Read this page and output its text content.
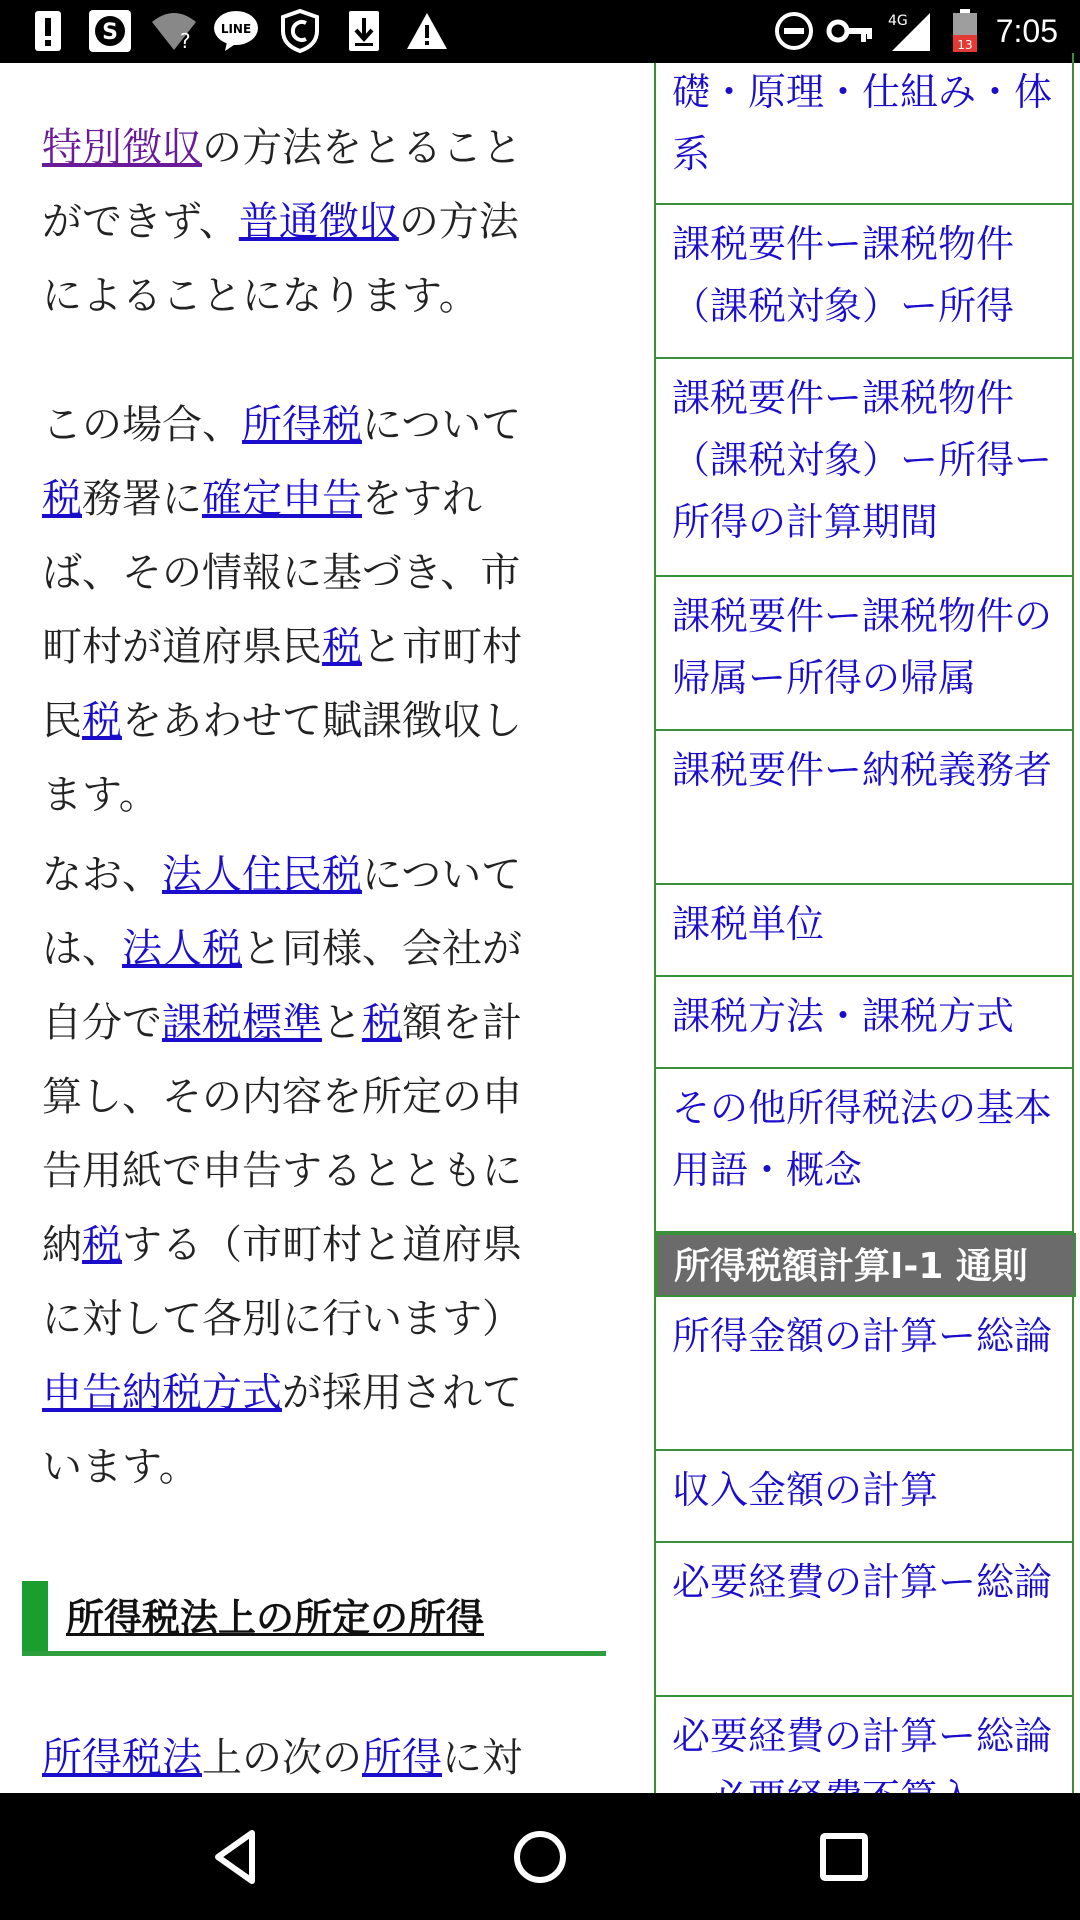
S	?	LINE	4G
13 7:05
特別徴収の方法をとることができず、普通徴収の方法によることになります。
この場合、所得税について税務署に確定申告をすれば、その情報に基づき、市町村が道府県民税と市町村民税をあわせて賦課徴収します。
なお、法人住民税については、法人税と同様、会社が自分で課税標準と税額を計算し、その内容を所定の申告用紙で申告するとともに納税する（市町村と道府県に対して各別に行います）申告納税方式が採用されています。
所得税法上の所定の所得
所得税法上の次の所得に対

礎・原理・仕組み・体系
課税要件ー課税物件（課税対象）ー所得
課税要件ー課税物件（課税対象）ー所得ー所得の計算期間
課税要件ー課税物件の帰属ー所得の帰属
課税要件ー納税義務者
課税単位
課税方法・課税方式
その他所得税法の基本用語・概念
所得税額計算I-1 通則
所得金額の計算ー総論
収入金額の計算
必要経費の計算ー総論
必要経費の計算ー総論
